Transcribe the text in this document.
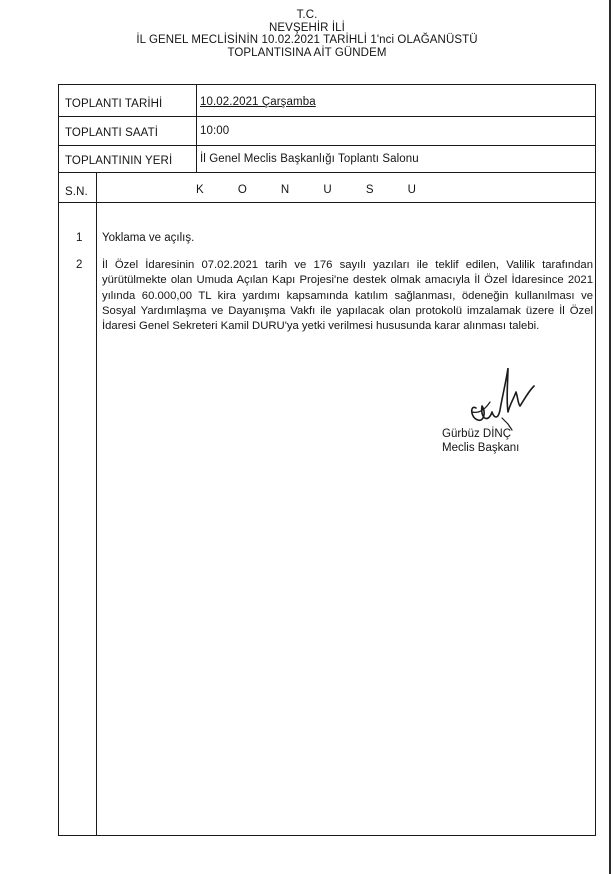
T.C.
NEVŞEHİR İLİ
İL GENEL MECLİSİNİN 10.02.2021 TARİHLİ 1'nci OLAĞANÜSTÜ
TOPLANTISINA AİT GÜNDEM
TOPLANTI TARİHİ	10.02.2021 Çarşamba
TOPLANTI SAATİ	10:00
TOPLANTININ YERİ İl Genel Meclis Başkanlığı Toplantı Salonu
S.N.	K	O	N	U	S	U
1 Yoklama ve açılış.
2 İl Özel İdaresinin 07.02.2021 tarih ve 176 sayılı yazıları ile teklif edilen, Valilik tarafından yürütülmekte olan Umuda Açılan Kapı Projesi'ne destek olmak amacıyla İl Özel İdaresince 2021 yılında 60.000,00 TL kira yardımı kapsamında katılım sağlanması, ödeneğin kullanılması ve Sosyal Yardımlaşma ve Dayanışma Vakfı ile yapılacak olan protokolü imzalamak üzere İl Özel İdaresi Genel Sekreteri Kamil DURU'ya yetki verilmesi hususunda karar alınması talebi.
Gürbüz DİNÇ
Meclis Başkanı
